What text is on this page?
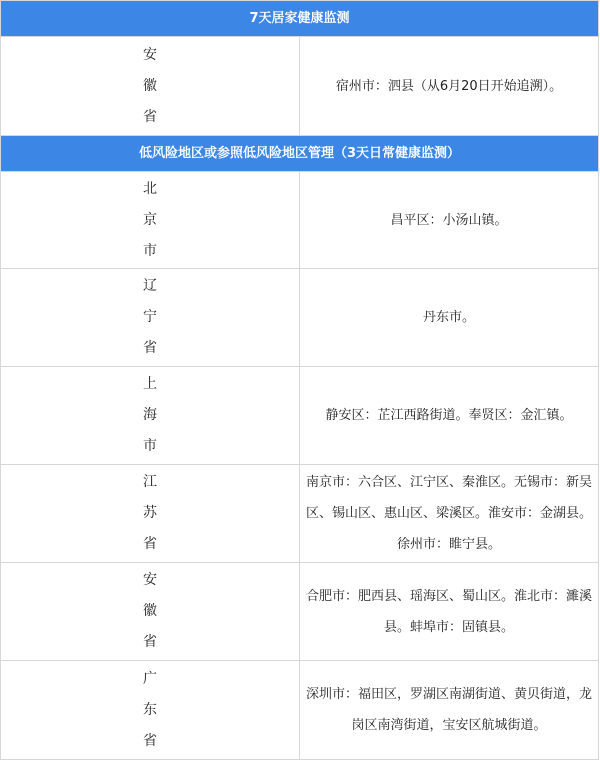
7天居家健康监测	

安
徽
省	宿州市：泗县（从6月20日开始追溯）。
低风险地区或参照低风险地区管理（3天日常健康监测）	

北
京
市	昌平区：小汤山镇。

辽
宁
省	丹东市。

上
海
市	静安区：芷江西路街道。奉贤区：金汇镇。

江
苏
省	南京市：六合区、江宁区、秦淮区。无锡市：新吴区、锡山区、惠山区、梁溪区。淮安市：金湖县。徐州市：睢宁县。

安
徽
省	合肥市：肥西县、瑶海区、蜀山区。淮北市：濉溪县。蚌埠市：固镇县。

广
东
省	深圳市：福田区，罗湖区南湖街道、黄贝街道，龙岗区南湾街道，宝安区航城街道。
